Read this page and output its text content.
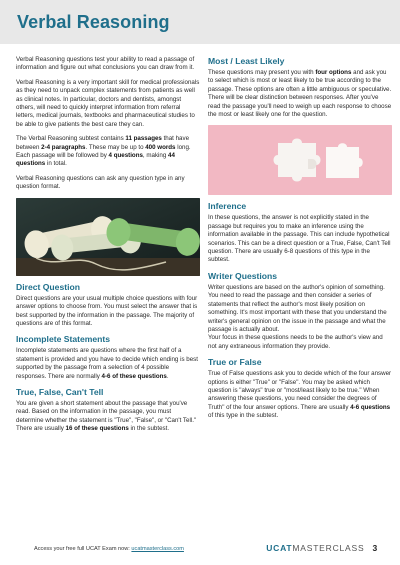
Verbal Reasoning

Verbal Reasoning questions test your ability to read a passage of information and figure out what conclusions you can draw from it.

Verbal Reasoning is a very important skill for medical professionals as they need to unpack complex statements from patients as well as clinical notes. In particular, doctors and dentists, amongst others, will need to quickly interpret information from referral letters, medical journals, textbooks and pharmaceutical studies to be able to give patients the best care they can.

The Verbal Reasoning subtest contains 11 passages that have between 2-4 paragraphs. These may be up to 400 words long. Each passage will be followed by 4 questions, making 44 questions in total.

Verbal Reasoning questions can ask any question type in any question format.

Direct Question

Direct questions are your usual multiple choice questions with four answer options to choose from. You must select the answer that is best supported by the information in the passage. The majority of questions are of this format.

Incomplete Statements

Incomplete statements are questions where the first half of a statement is provided and you have to decide which ending is best supported by the passage from a selection of 4 possible responses. There are normally 4-6 of these questions.

True, False, Can't Tell

You are given a short statement about the passage that you've read. Based on the information in the passage, you must determine whether the statement is "True", "False", or "Can't Tell." There are usually 16 of these questions in the subtest.

Most / Least Likely

These questions may present you with four options and ask you to select which is most or least likely to be true according to the passage. These options are often a little ambiguous or speculative. There will be clear distinction between responses. After you've read the passage you'll need to weigh up each response to choose the most or least likely one for the question.

Inference

In these questions, the answer is not explicitly stated in the passage but requires you to make an inference using the information available in the passage. This can include hypothetical scenarios. This can be a direct question or a True, False, Can't Tell question. There are usually 6-8 questions of this type in the subtest.

Writer Questions

Writer questions are based on the author's opinion of something. You need to read the passage and then consider a series of statements that reflect the author's most likely position on something. It's most important with these that you understand the writer's general opinion on the issue in the passage and what the passage is actually about.

Your focus in these questions needs to be the author's view and not any extraneous information they provide.

True or False

True of False questions ask you to decide which of the four answer options is either "True" or "False". You may be asked which question is "always" true or "most/least likely to be true." When answering these questions, you need consider the degrees of Truth" of the four answer options. There are usually 4-6 questions of this type in the subtest.

Access your free full UCAT Exam now: ucatmasterclass.com	UCATMASTERCLASS 3
